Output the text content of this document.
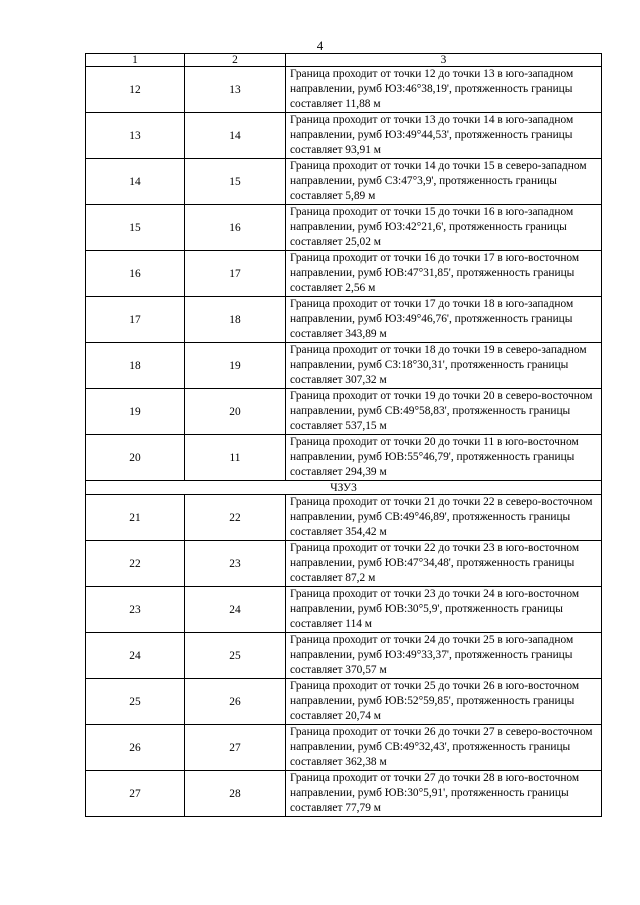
4
1	2	3
12	13	Граница проходит от точки 12 до точки 13 в юго-западном направлении, румб ЮЗ:46°38,19', протяженность границы составляет 11,88 м
13	14	Граница проходит от точки 13 до точки 14 в юго-западном направлении, румб ЮЗ:49°44,53', протяженность границы составляет 93,91 м
14	15	Граница проходит от точки 14 до точки 15 в северо-западном направлении, румб СЗ:47°3,9', протяженность границы составляет 5,89 м
15	16	Граница проходит от точки 15 до точки 16 в юго-западном направлении, румб ЮЗ:42°21,6', протяженность границы составляет 25,02 м
16	17	Граница проходит от точки 16 до точки 17 в юго-восточном направлении, румб ЮВ:47°31,85', протяженность границы составляет 2,56 м
17	18	Граница проходит от точки 17 до точки 18 в юго-западном направлении, румб ЮЗ:49°46,76', протяженность границы составляет 343,89 м
18	19	Граница проходит от точки 18 до точки 19 в северо-западном направлении, румб СЗ:18°30,31', протяженность границы составляет 307,32 м
19	20	Граница проходит от точки 19 до точки 20 в северо-восточном направлении, румб СВ:49°58,83', протяженность границы составляет 537,15 м
20	11	Граница проходит от точки 20 до точки 11 в юго-восточном направлении, румб ЮВ:55°46,79', протяженность границы составляет 294,39 м
ЧЗУ3		
21	22	Граница проходит от точки 21 до точки 22 в северо-восточном направлении, румб СВ:49°46,89', протяженность границы составляет 354,42 м
22	23	Граница проходит от точки 22 до точки 23 в юго-восточном направлении, румб ЮВ:47°34,48', протяженность границы составляет 87,2 м
23	24	Граница проходит от точки 23 до точки 24 в юго-восточном направлении, румб ЮВ:30°5,9', протяженность границы составляет 114 м
24	25	Граница проходит от точки 24 до точки 25 в юго-западном направлении, румб ЮЗ:49°33,37', протяженность границы составляет 370,57 м
25	26	Граница проходит от точки 25 до точки 26 в юго-восточном направлении, румб ЮВ:52°59,85', протяженность границы составляет 20,74 м
26	27	Граница проходит от точки 26 до точки 27 в северо-восточном направлении, румб СВ:49°32,43', протяженность границы составляет 362,38 м
27	28	Граница проходит от точки 27 до точки 28 в юго-восточном направлении, румб ЮВ:30°5,91', протяженность границы составляет 77,79 м
